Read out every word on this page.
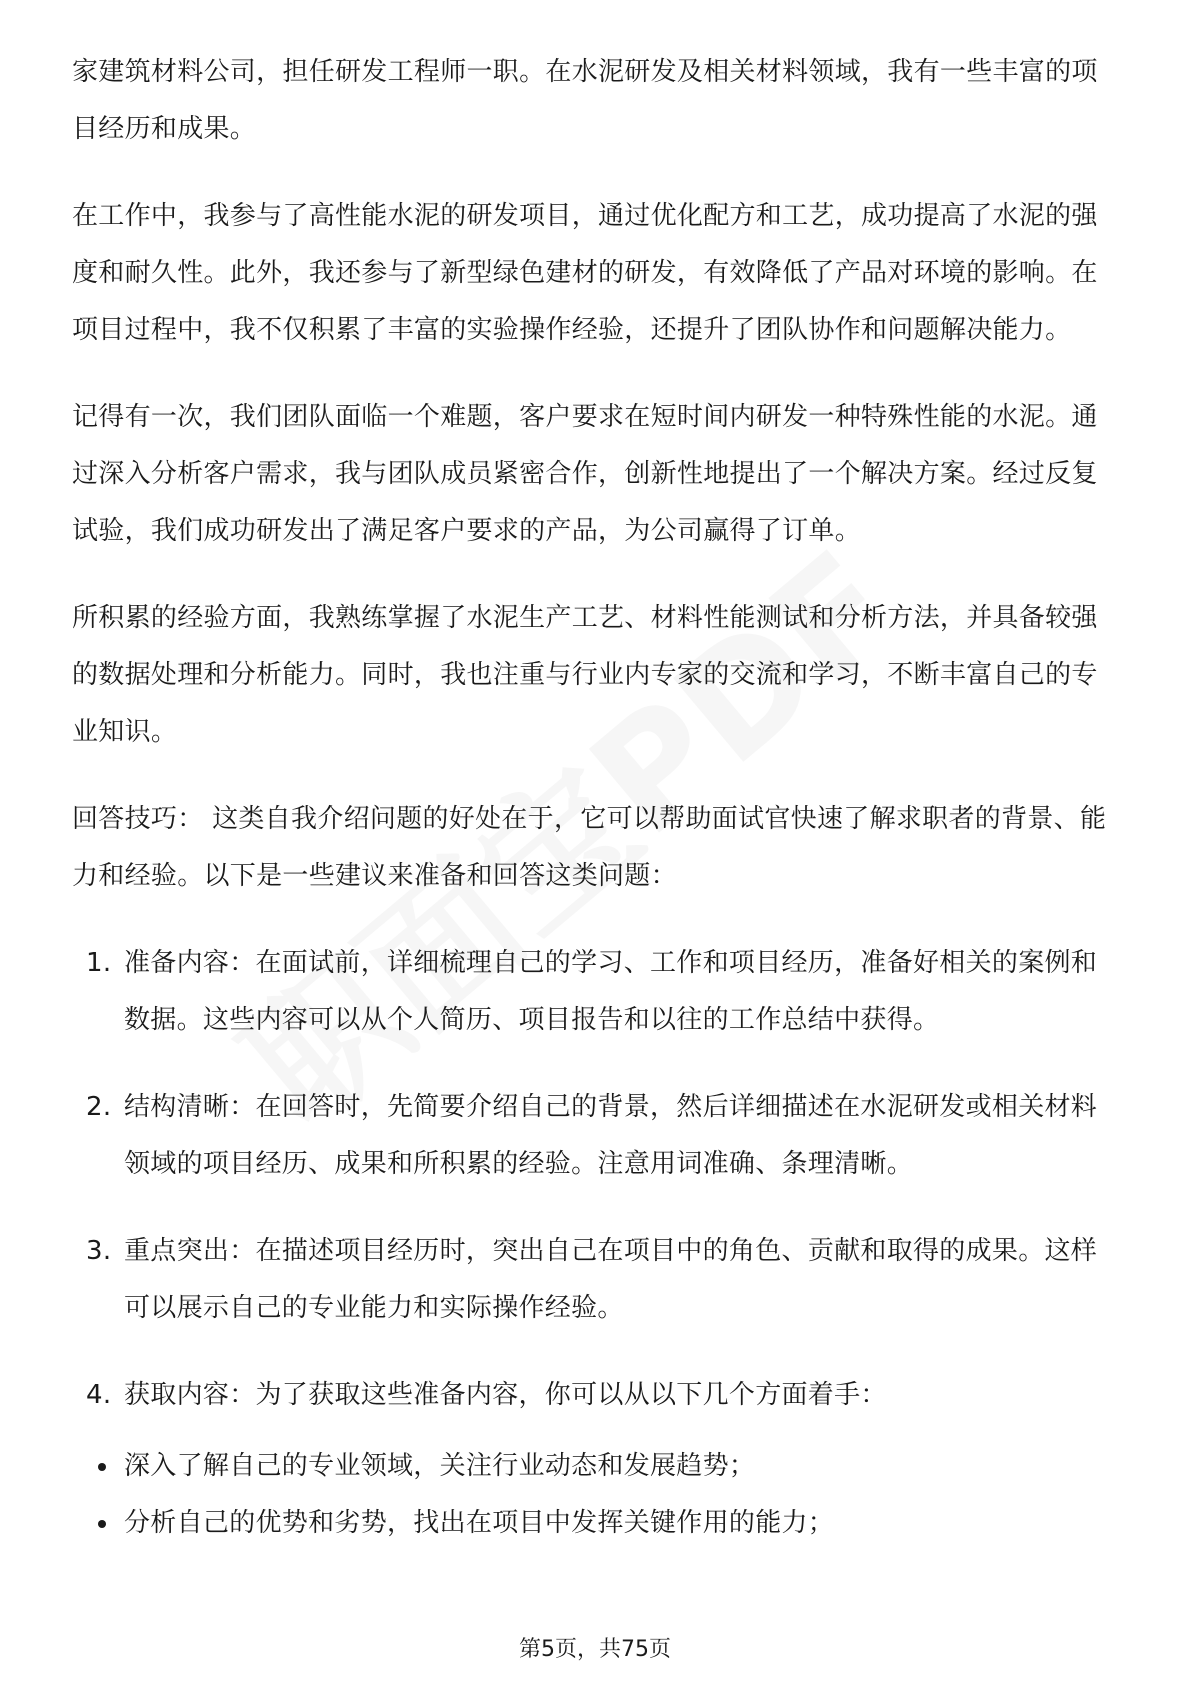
家建筑材料公司，担任研发工程师一职。在水泥研发及相关材料领域，我有一些丰富的项目经历和成果。

在工作中，我参与了高性能水泥的研发项目，通过优化配方和工艺，成功提高了水泥的强度和耐久性。此外，我还参与了新型绿色建材的研发，有效降低了产品对环境的影响。在项目过程中，我不仅积累了丰富的实验操作经验，还提升了团队协作和问题解决能力。

记得有一次，我们团队面临一个难题，客户要求在短时间内研发一种特殊性能的水泥。通过深入分析客户需求，我与团队成员紧密合作，创新性地提出了一个解决方案。经过反复试验，我们成功研发出了满足客户要求的产品，为公司赢得了订单。

所积累的经验方面，我熟练掌握了水泥生产工艺、材料性能测试和分析方法，并具备较强的数据处理和分析能力。同时，我也注重与行业内专家的交流和学习，不断丰富自己的专业知识。

回答技巧： 这类自我介绍问题的好处在于，它可以帮助面试官快速了解求职者的背景、能力和经验。以下是一些建议来准备和回答这类问题：

1. 准备内容：在面试前，详细梳理自己的学习、工作和项目经历，准备好相关的案例和数据。这些内容可以从个人简历、项目报告和以往的工作总结中获得。
2. 结构清晰：在回答时，先简要介绍自己的背景，然后详细描述在水泥研发或相关材料领域的项目经历、成果和所积累的经验。注意用词准确、条理清晰。
3. 重点突出：在描述项目经历时，突出自己在项目中的角色、贡献和取得的成果。这样可以展示自己的专业能力和实际操作经验。
4. 获取内容：为了获取这些准备内容，你可以从以下几个方面着手：
深入了解自己的专业领域，关注行业动态和发展趋势；
分析自己的优势和劣势，找出在项目中发挥关键作用的能力；
第5页，共75页
